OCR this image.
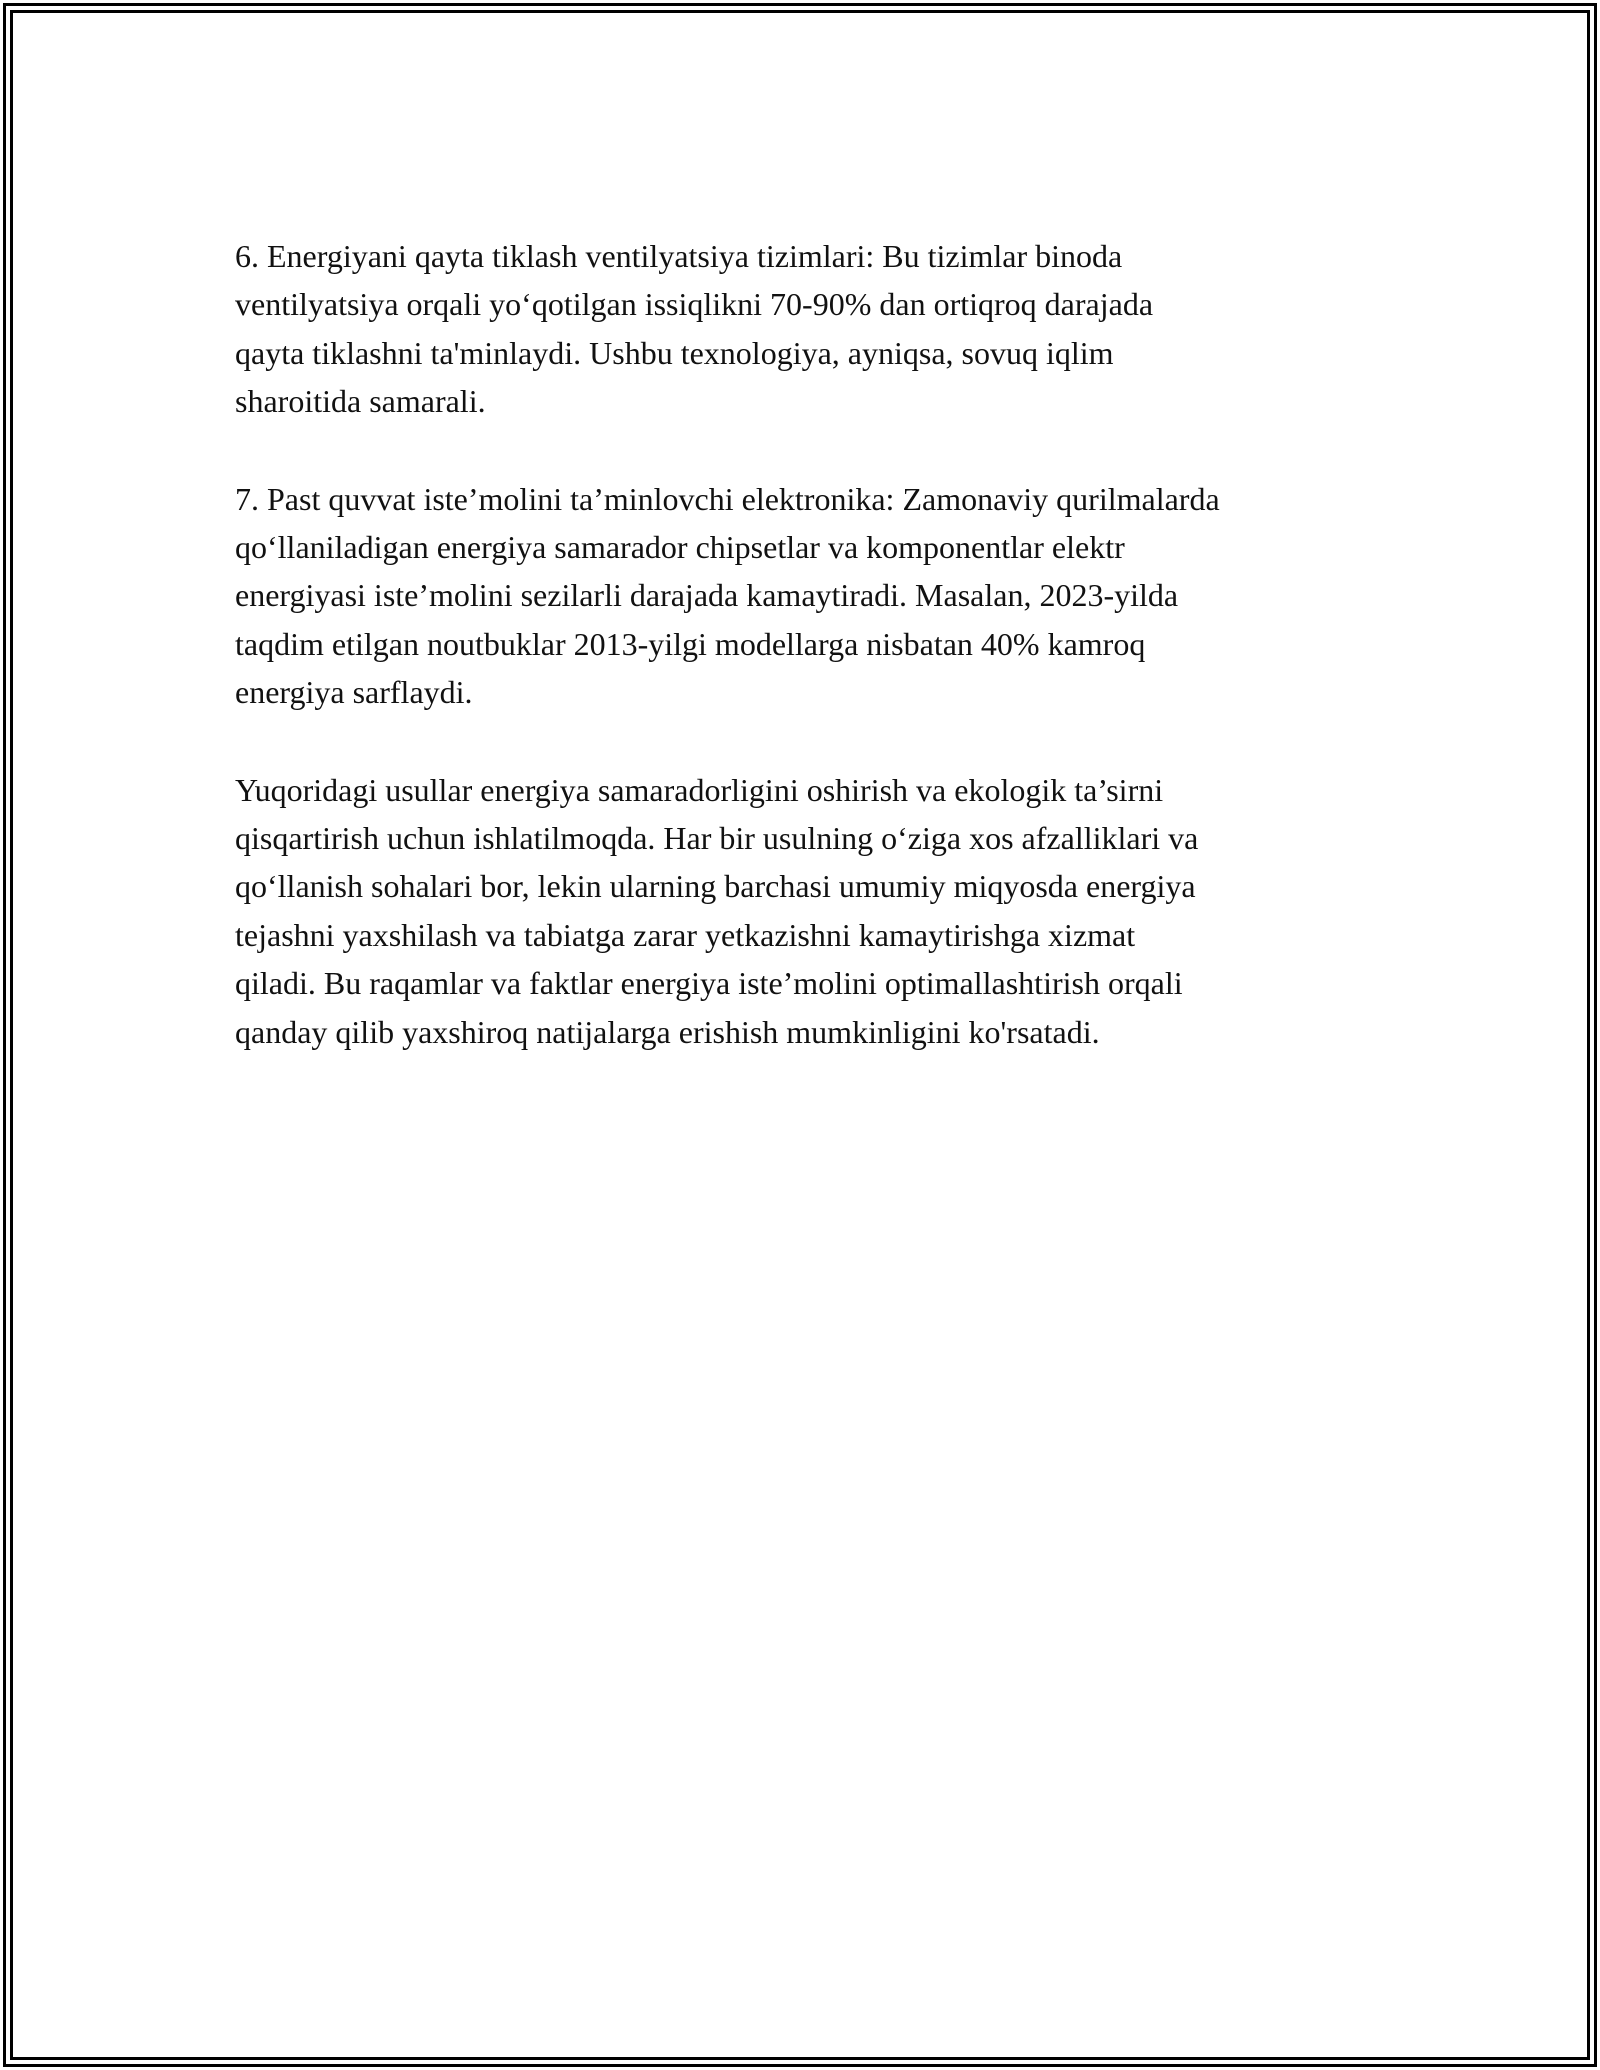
6. Energiyani qayta tiklash ventilyatsiya tizimlari: Bu tizimlar binoda
ventilyatsiya orqali yo‘qotilgan issiqlikni 70-90% dan ortiqroq darajada
qayta tiklashni ta'minlaydi. Ushbu texnologiya, ayniqsa, sovuq iqlim
sharoitida samarali.

7. Past quvvat iste’molini ta’minlovchi elektronika: Zamonaviy qurilmalarda
qo‘llaniladigan energiya samarador chipsetlar va komponentlar elektr
energiyasi iste’molini sezilarli darajada kamaytiradi. Masalan, 2023-yilda
taqdim etilgan noutbuklar 2013-yilgi modellarga nisbatan 40% kamroq
energiya sarflaydi.

Yuqoridagi usullar energiya samaradorligini oshirish va ekologik ta’sirni
qisqartirish uchun ishlatilmoqda. Har bir usulning o‘ziga xos afzalliklari va
qo‘llanish sohalari bor, lekin ularning barchasi umumiy miqyosda energiya
tejashni yaxshilash va tabiatga zarar yetkazishni kamaytirishga xizmat
qiladi. Bu raqamlar va faktlar energiya iste’molini optimallashtirish orqali
qanday qilib yaxshiroq natijalarga erishish mumkinligini ko'rsatadi.
